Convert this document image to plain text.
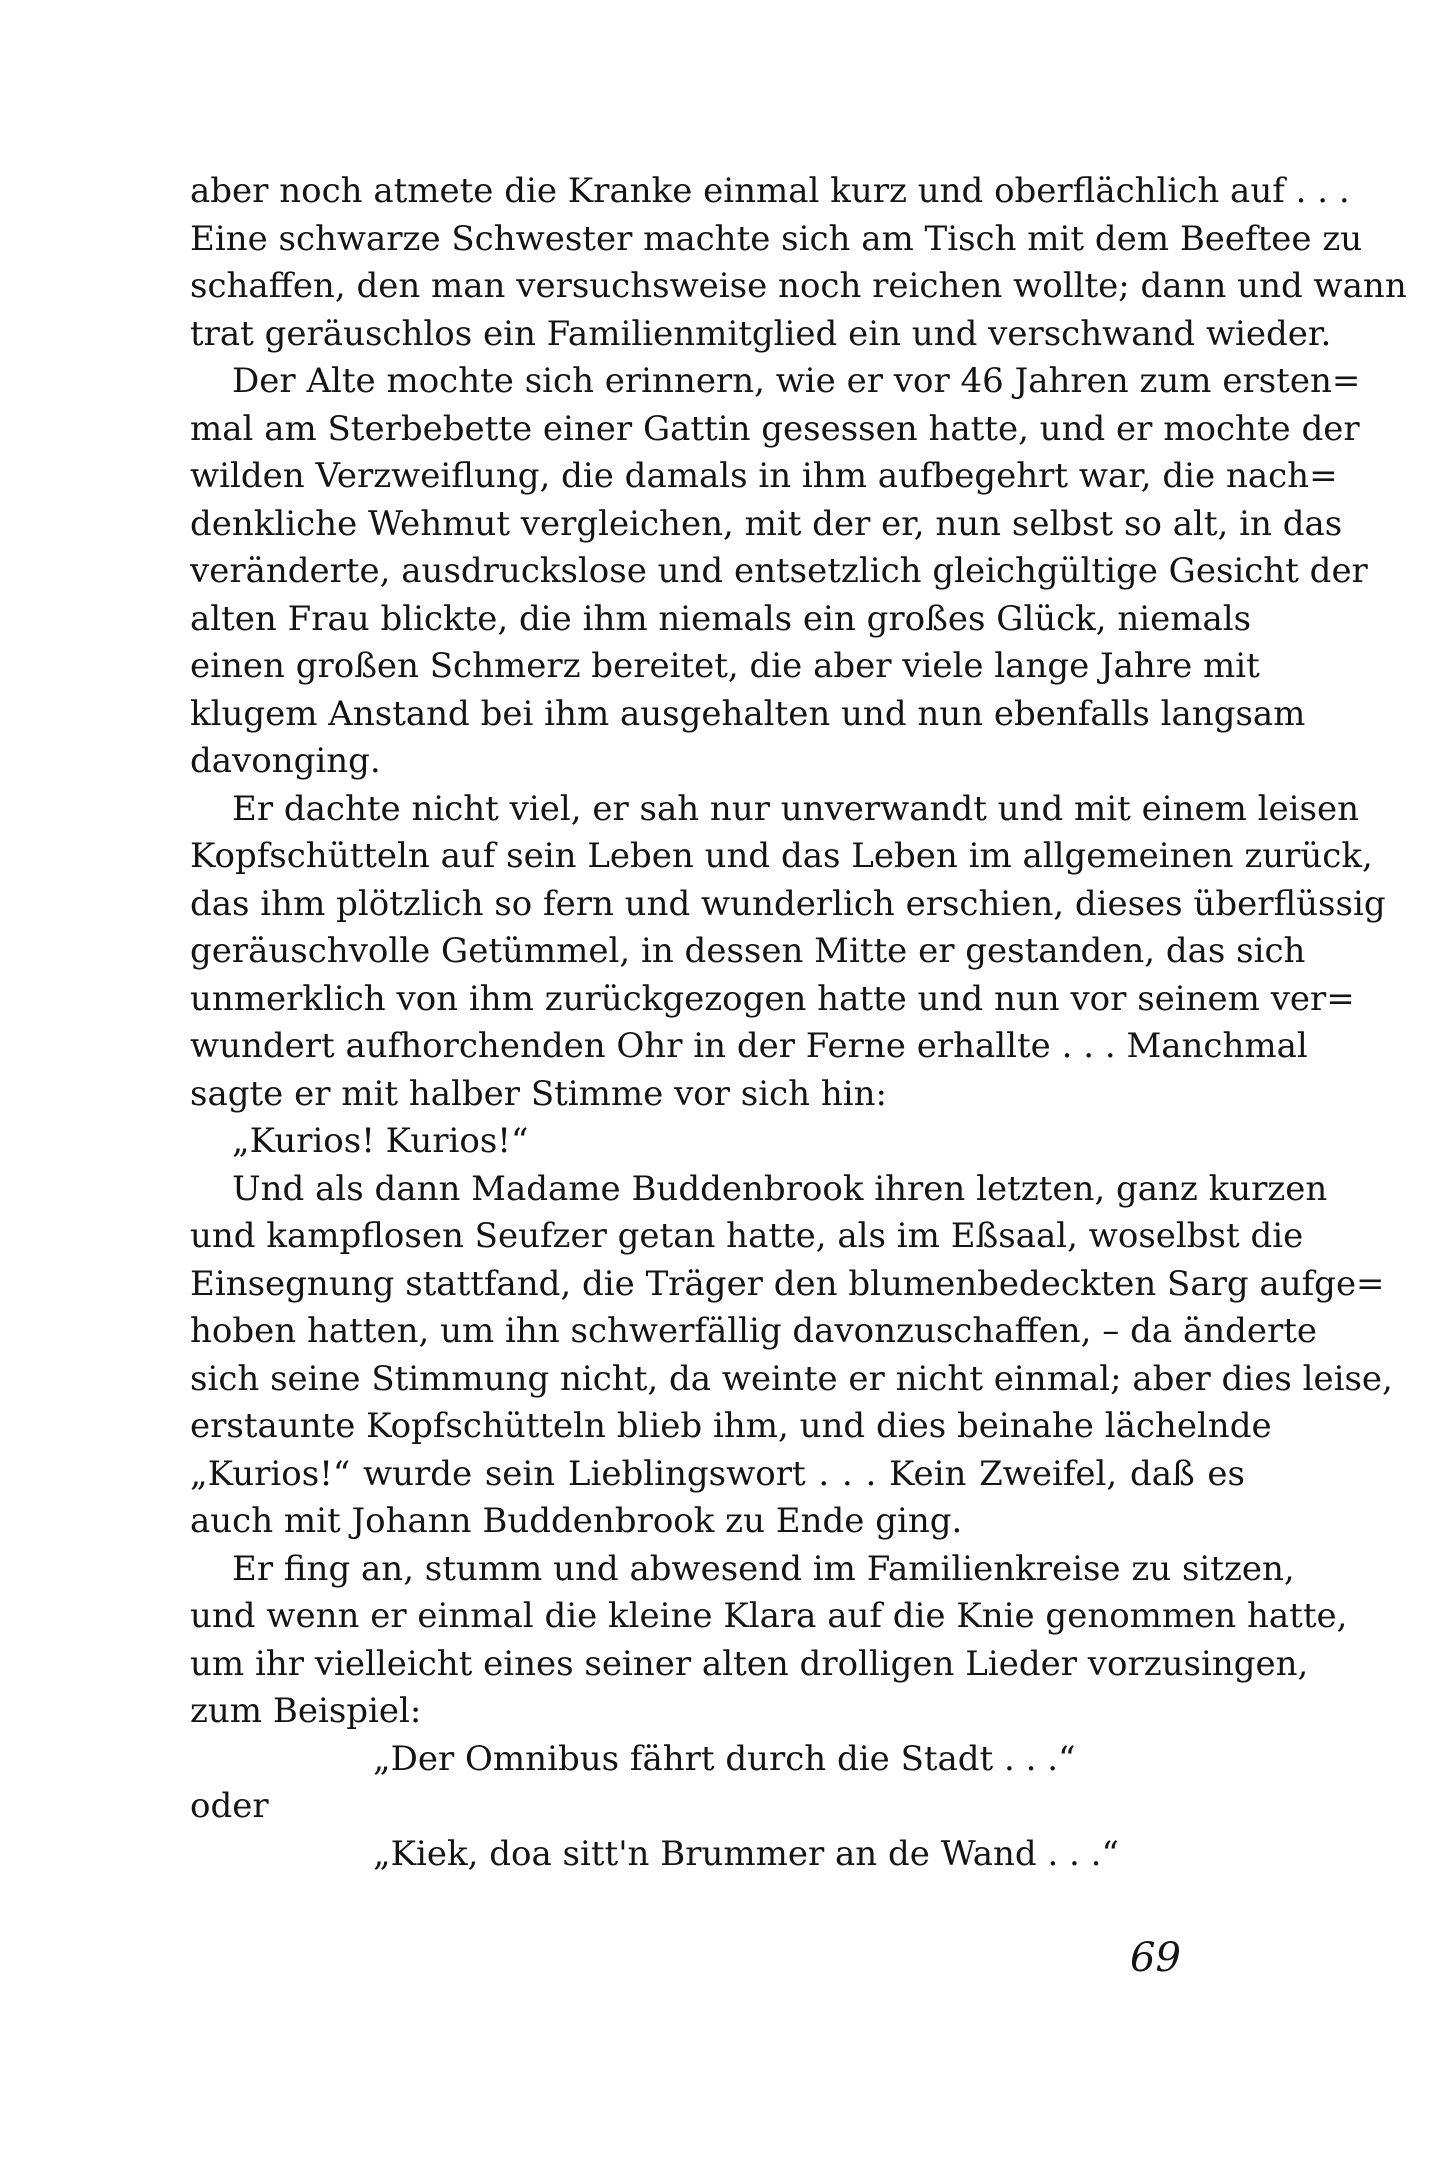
aber noch atmete die Kranke einmal kurz und oberflächlich auf . . .
Eine schwarze Schwester machte sich am Tisch mit dem Beeftee zu
schaffen, den man versuchsweise noch reichen wollte; dann und wann
trat geräuschlos ein Familienmitglied ein und verschwand wieder.

Der Alte mochte sich erinnern, wie er vor 46 Jahren zum ersten=
mal am Sterbebette einer Gattin gesessen hatte, und er mochte der
wilden Verzweiflung, die damals in ihm aufbegehrt war, die nach=
denkliche Wehmut vergleichen, mit der er, nun selbst so alt, in das
veränderte, ausdruckslose und entsetzlich gleichgültige Gesicht der
alten Frau blickte, die ihm niemals ein großes Glück, niemals
einen großen Schmerz bereitet, die aber viele lange Jahre mit
klugem Anstand bei ihm ausgehalten und nun ebenfalls langsam
davonging.

Er dachte nicht viel, er sah nur unverwandt und mit einem leisen
Kopfschütteln auf sein Leben und das Leben im allgemeinen zurück,
das ihm plötzlich so fern und wunderlich erschien, dieses überflüssig
geräuschvolle Getümmel, in dessen Mitte er gestanden, das sich
unmerklich von ihm zurückgezogen hatte und nun vor seinem ver=
wundert aufhorchenden Ohr in der Ferne erhallte . . . Manchmal
sagte er mit halber Stimme vor sich hin:

„Kurios! Kurios!“

Und als dann Madame Buddenbrook ihren letzten, ganz kurzen
und kampflosen Seufzer getan hatte, als im Eßsaal, woselbst die
Einsegnung stattfand, die Träger den blumenbedeckten Sarg aufge=
hoben hatten, um ihn schwerfällig davonzuschaffen, – da änderte
sich seine Stimmung nicht, da weinte er nicht einmal; aber dies leise,
erstaunte Kopfschütteln blieb ihm, und dies beinahe lächelnde
„Kurios!“ wurde sein Lieblingswort . . . Kein Zweifel, daß es
auch mit Johann Buddenbrook zu Ende ging.

Er fing an, stumm und abwesend im Familienkreise zu sitzen,
und wenn er einmal die kleine Klara auf die Knie genommen hatte,
um ihr vielleicht eines seiner alten drolligen Lieder vorzusingen,
zum Beispiel:

„Der Omnibus fährt durch die Stadt . . .“
oder
„Kiek, doa sitt'n Brummer an de Wand . . .“
69
